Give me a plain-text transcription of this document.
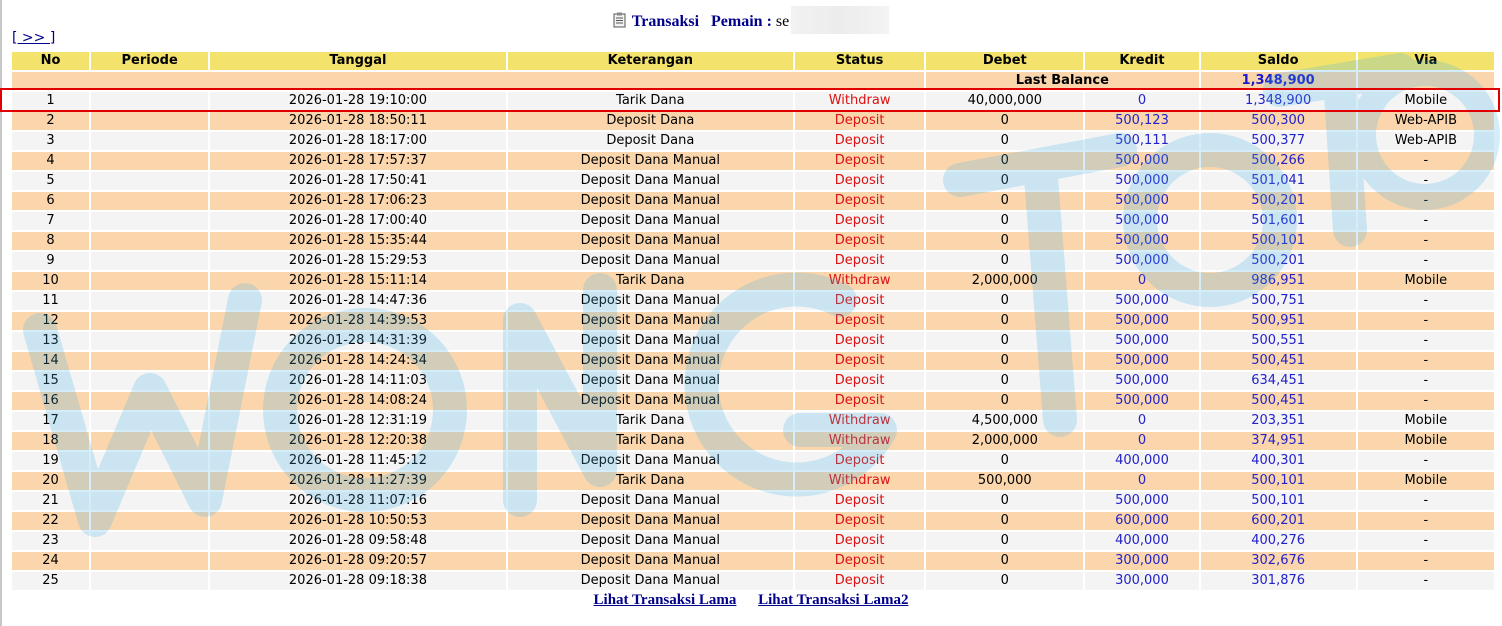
Transaksi Pemain : se
[ >> ]
No	Periode	Tanggal	Keterangan	Status	Debet	Kredit	Saldo	Via
					Last Balance		1,348,900	
1		2026-01-28 19:10:00	Tarik Dana	Withdraw	40,000,000	0	1,348,900	Mobile
2		2026-01-28 18:50:11	Deposit Dana	Deposit	0	500,123	500,300	Web-APIB
3		2026-01-28 18:17:00	Deposit Dana	Deposit	0	500,111	500,377	Web-APIB
4		2026-01-28 17:57:37	Deposit Dana Manual	Deposit	0	500,000	500,266	-
5		2026-01-28 17:50:41	Deposit Dana Manual	Deposit	0	500,000	501,041	-
6		2026-01-28 17:06:23	Deposit Dana Manual	Deposit	0	500,000	500,201	-
7		2026-01-28 17:00:40	Deposit Dana Manual	Deposit	0	500,000	501,601	-
8		2026-01-28 15:35:44	Deposit Dana Manual	Deposit	0	500,000	500,101	-
9		2026-01-28 15:29:53	Deposit Dana Manual	Deposit	0	500,000	500,201	-
10		2026-01-28 15:11:14	Tarik Dana	Withdraw	2,000,000	0	986,951	Mobile
11		2026-01-28 14:47:36	Deposit Dana Manual	Deposit	0	500,000	500,751	-
12		2026-01-28 14:39:53	Deposit Dana Manual	Deposit	0	500,000	500,951	-
13		2026-01-28 14:31:39	Deposit Dana Manual	Deposit	0	500,000	500,551	-
14		2026-01-28 14:24:34	Deposit Dana Manual	Deposit	0	500,000	500,451	-
15		2026-01-28 14:11:03	Deposit Dana Manual	Deposit	0	500,000	634,451	-
16		2026-01-28 14:08:24	Deposit Dana Manual	Deposit	0	500,000	500,451	-
17		2026-01-28 12:31:19	Tarik Dana	Withdraw	4,500,000	0	203,351	Mobile
18		2026-01-28 12:20:38	Tarik Dana	Withdraw	2,000,000	0	374,951	Mobile
19		2026-01-28 11:45:12	Deposit Dana Manual	Deposit	0	400,000	400,301	-
20		2026-01-28 11:27:39	Tarik Dana	Withdraw	500,000	0	500,101	Mobile
21		2026-01-28 11:07:16	Deposit Dana Manual	Deposit	0	500,000	500,101	-
22		2026-01-28 10:50:53	Deposit Dana Manual	Deposit	0	600,000	600,201	-
23		2026-01-28 09:58:48	Deposit Dana Manual	Deposit	0	400,000	400,276	-
24		2026-01-28 09:20:57	Deposit Dana Manual	Deposit	0	300,000	302,676	-
25		2026-01-28 09:18:38	Deposit Dana Manual	Deposit	0	300,000	301,876	-
Lihat Transaksi Lama Lihat Transaksi Lama2
